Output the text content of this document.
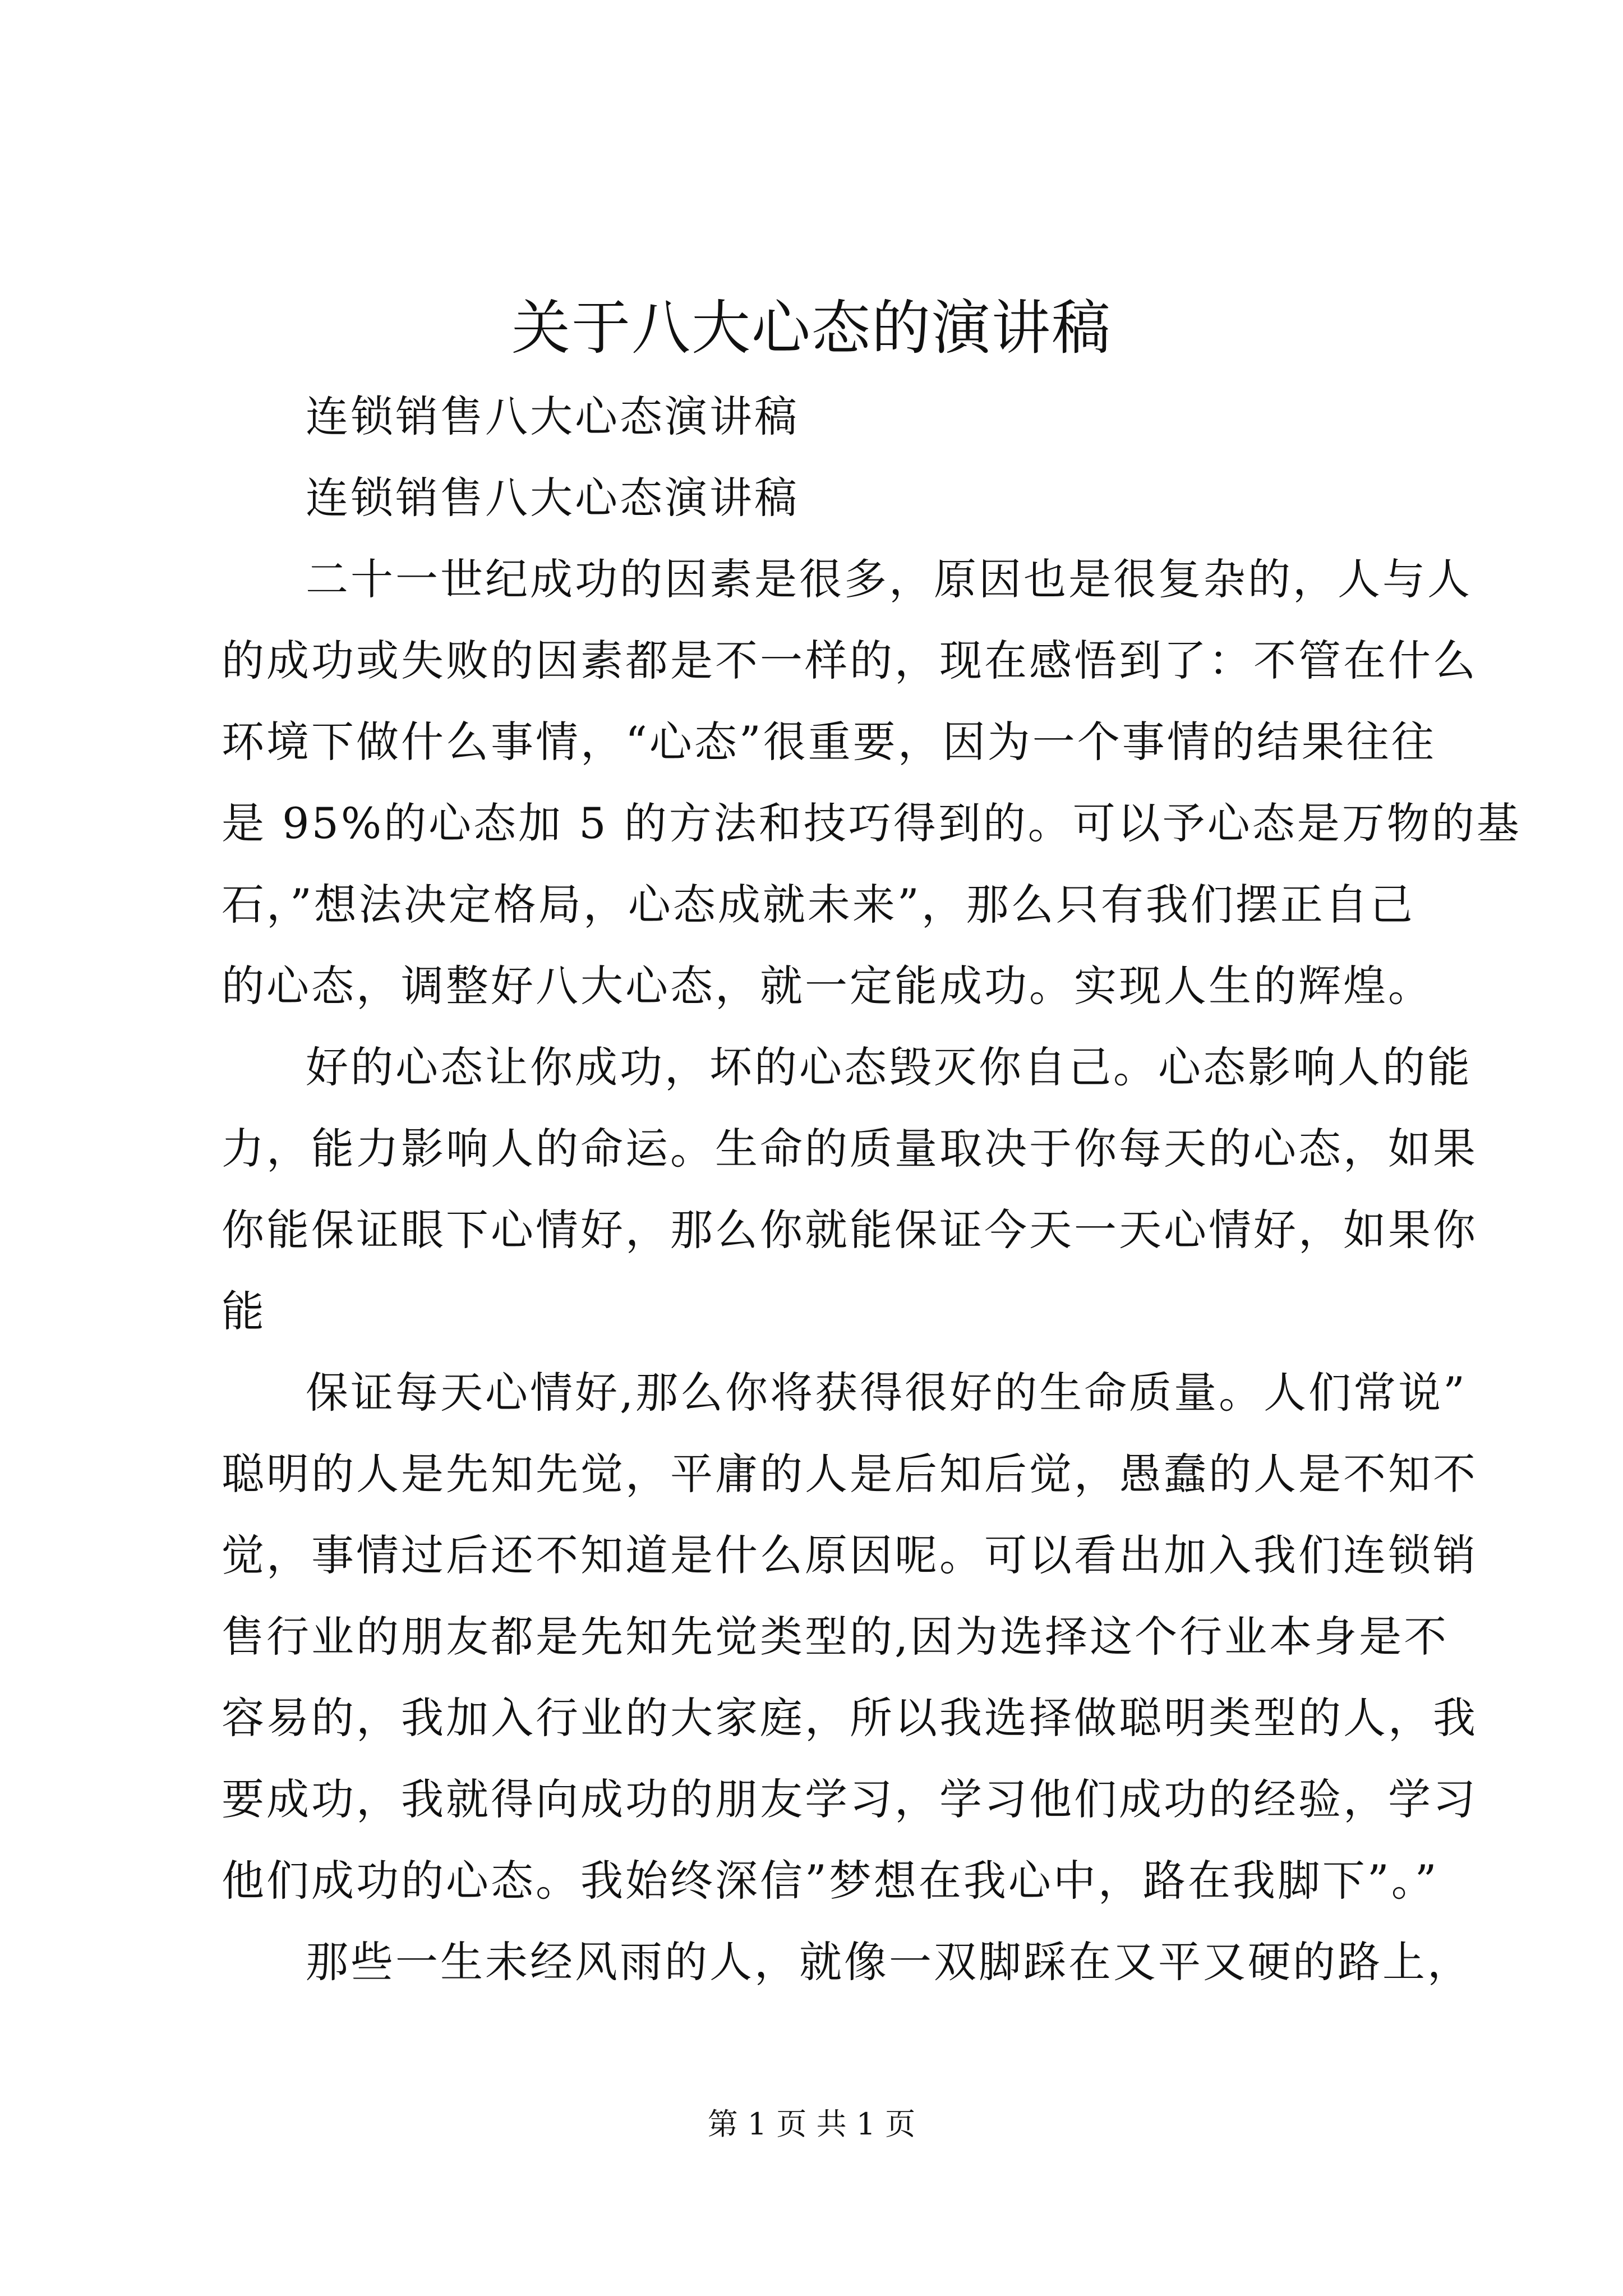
关于八大心态的演讲稿
连锁销售八大心态演讲稿
连锁销售八大心态演讲稿
二十一世纪成功的因素是很多，原因也是很复杂的，人与人
的成功或失败的因素都是不一样的，现在感悟到了：不管在什么
环境下做什么事情，“心态”很重要，因为一个事情的结果往往
是 95%的心态加 5 的方法和技巧得到的。可以予心态是万物的基
石，”想法决定格局，心态成就未来”，那么只有我们摆正自己
的心态，调整好八大心态，就一定能成功。实现人生的辉煌。
好的心态让你成功，坏的心态毁灭你自己。心态影响人的能
力，能力影响人的命运。生命的质量取决于你每天的心态，如果
你能保证眼下心情好，那么你就能保证今天一天心情好，如果你
能
保证每天心情好,那么你将获得很好的生命质量。人们常说”
聪明的人是先知先觉，平庸的人是后知后觉，愚蠢的人是不知不
觉，事情过后还不知道是什么原因呢。可以看出加入我们连锁销
售行业的朋友都是先知先觉类型的,因为选择这个行业本身是不
容易的，我加入行业的大家庭，所以我选择做聪明类型的人，我
要成功，我就得向成功的朋友学习，学习他们成功的经验，学习
他们成功的心态。我始终深信”梦想在我心中，路在我脚下”。”
那些一生未经风雨的人，就像一双脚踩在又平又硬的路上，
第 1 页 共 1 页
